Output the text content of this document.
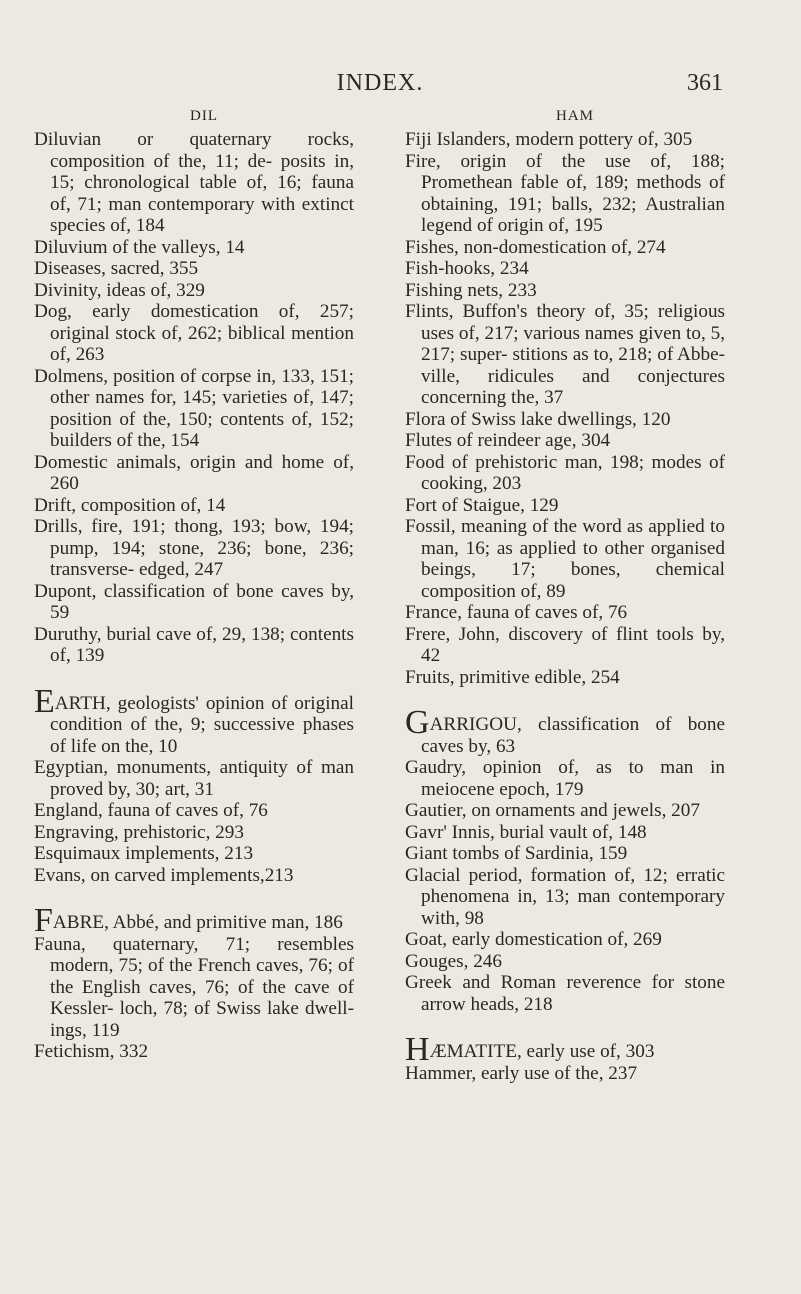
INDEX.	361
DIL

Diluvian or quaternary rocks, composition of the, 11; de- posits in, 15; chronological table of, 16; fauna of, 71; man contemporary with extinct species of, 184

Diluvium of the valleys, 14

Diseases, sacred, 355

Divinity, ideas of, 329

Dog, early domestication of, 257; original stock of, 262; biblical mention of, 263

Dolmens, position of corpse in, 133, 151; other names for, 145; varieties of, 147; position of the, 150; contents of, 152; builders of the, 154

Domestic animals, origin and home of, 260

Drift, composition of, 14

Drills, fire, 191; thong, 193; bow, 194; pump, 194; stone, 236; bone, 236; transverse- edged, 247

Dupont, classification of bone caves by, 59

Duruthy, burial cave of, 29, 138; contents of, 139

EARTH, geologists' opinion of original condition of the, 9; successive phases of life on the, 10

Egyptian, monuments, antiquity of man proved by, 30; art, 31

England, fauna of caves of, 76

Engraving, prehistoric, 293

Esquimaux implements, 213

Evans, on carved implements,213

FABRE, Abbé, and primitive man, 186

Fauna, quaternary, 71; resembles modern, 75; of the French caves, 76; of the English caves, 76; of the cave of Kessler- loch, 78; of Swiss lake dwell- ings, 119

Fetichism, 332

HAM

Fiji Islanders, modern pottery of, 305

Fire, origin of the use of, 188; Promethean fable of, 189; methods of obtaining, 191; balls, 232; Australian legend of origin of, 195

Fishes, non-domestication of, 274

Fish-hooks, 234

Fishing nets, 233

Flints, Buffon's theory of, 35; religious uses of, 217; various names given to, 5, 217; super- stitions as to, 218; of Abbe- ville, ridicules and conjectures concerning the, 37

Flora of Swiss lake dwellings, 120

Flutes of reindeer age, 304

Food of prehistoric man, 198; modes of cooking, 203

Fort of Staigue, 129

Fossil, meaning of the word as applied to man, 16; as applied to other organised beings, 17; bones, chemical composition of, 89

France, fauna of caves of, 76

Frere, John, discovery of flint tools by, 42

Fruits, primitive edible, 254

GARRIGOU, classification of bone caves by, 63

Gaudry, opinion of, as to man in meiocene epoch, 179

Gautier, on ornaments and jewels, 207

Gavr' Innis, burial vault of, 148

Giant tombs of Sardinia, 159

Glacial period, formation of, 12; erratic phenomena in, 13; man contemporary with, 98

Goat, early domestication of, 269

Gouges, 246

Greek and Roman reverence for stone arrow heads, 218

HÆMATITE, early use of, 303

Hammer, early use of the, 237
